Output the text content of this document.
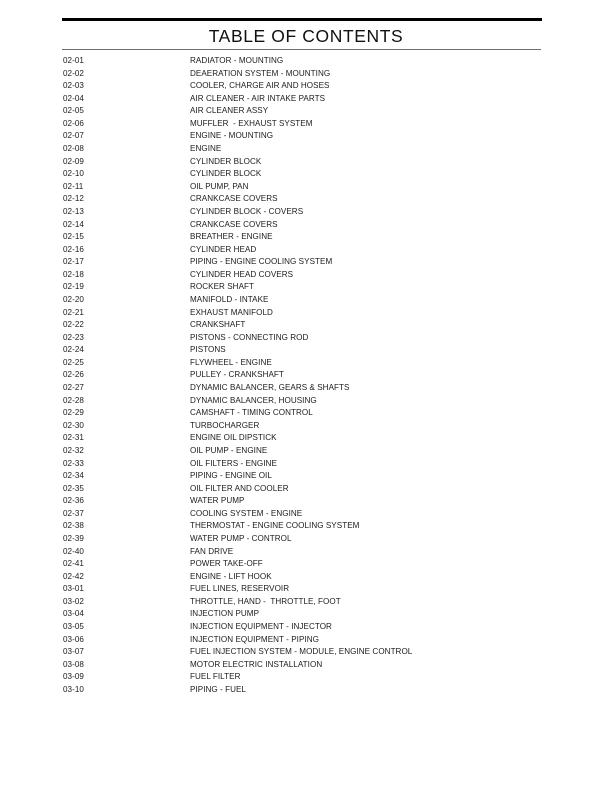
TABLE OF CONTENTS
02-01	RADIATOR - MOUNTING
02-02	DEAERATION SYSTEM - MOUNTING
02-03	COOLER, CHARGE AIR AND HOSES
02-04	AIR CLEANER - AIR INTAKE PARTS
02-05	AIR CLEANER ASSY
02-06	MUFFLER  - EXHAUST SYSTEM
02-07	ENGINE - MOUNTING
02-08	ENGINE
02-09	CYLINDER BLOCK
02-10	CYLINDER BLOCK
02-11	OIL PUMP, PAN
02-12	CRANKCASE COVERS
02-13	CYLINDER BLOCK - COVERS
02-14	CRANKCASE COVERS
02-15	BREATHER - ENGINE
02-16	CYLINDER HEAD
02-17	PIPING - ENGINE COOLING SYSTEM
02-18	CYLINDER HEAD COVERS
02-19	ROCKER SHAFT
02-20	MANIFOLD - INTAKE
02-21	EXHAUST MANIFOLD
02-22	CRANKSHAFT
02-23	PISTONS - CONNECTING ROD
02-24	PISTONS
02-25	FLYWHEEL - ENGINE
02-26	PULLEY - CRANKSHAFT
02-27	DYNAMIC BALANCER, GEARS & SHAFTS
02-28	DYNAMIC BALANCER, HOUSING
02-29	CAMSHAFT - TIMING CONTROL
02-30	TURBOCHARGER
02-31	ENGINE OIL DIPSTICK
02-32	OIL PUMP - ENGINE
02-33	OIL FILTERS - ENGINE
02-34	PIPING - ENGINE OIL
02-35	OIL FILTER AND COOLER
02-36	WATER PUMP
02-37	COOLING SYSTEM - ENGINE
02-38	THERMOSTAT - ENGINE COOLING SYSTEM
02-39	WATER PUMP - CONTROL
02-40	FAN DRIVE
02-41	POWER TAKE-OFF
02-42	ENGINE - LIFT HOOK
03-01	FUEL LINES, RESERVOIR
03-02	THROTTLE, HAND -  THROTTLE, FOOT
03-04	INJECTION PUMP
03-05	INJECTION EQUIPMENT - INJECTOR
03-06	INJECTION EQUIPMENT - PIPING
03-07	FUEL INJECTION SYSTEM - MODULE, ENGINE CONTROL
03-08	MOTOR ELECTRIC INSTALLATION
03-09	FUEL FILTER
03-10	PIPING - FUEL
